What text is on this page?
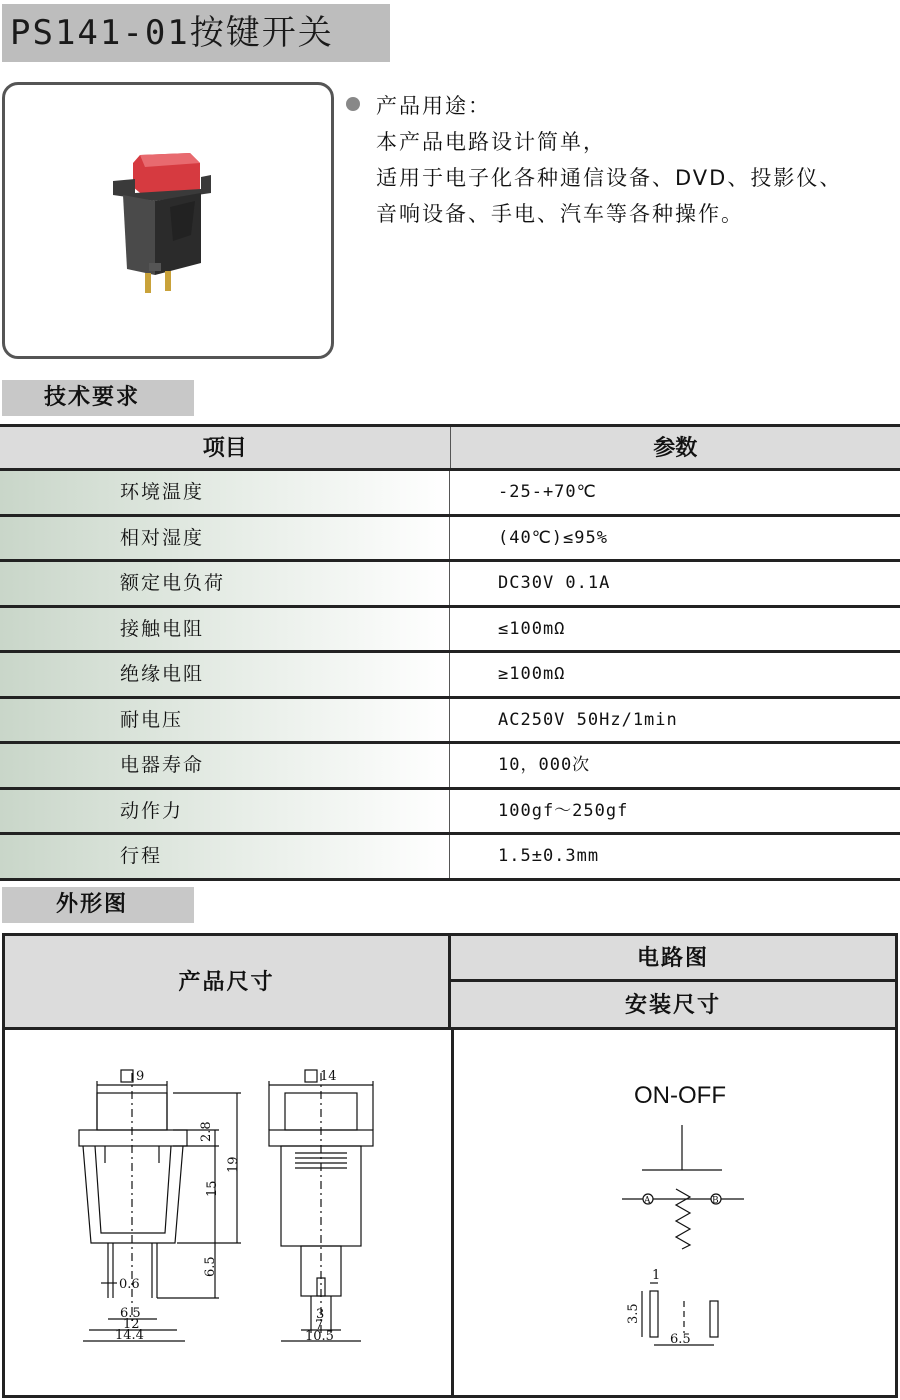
PS141-01按键开关
产品用途：
本产品电路设计简单，
适用于电子化各种通信设备、DVD、投影仪、
音响设备、手电、汽车等各种操作。
技术要求
项目	参数
环境温度	-25-+70℃
相对湿度	(40℃)≤95%
额定电负荷	DC30V 0.1A
接触电阻	≤100mΩ
绝缘电阻	≥100mΩ
耐电压	AC250V 50Hz/1min
电器寿命	10，000次
动作力	100gf～250gf
行程	1.5±0.3mm
外形图
产品尺寸
电路图
安装尺寸
9
0.6
6.5
12
14.4
2.8
15
19
6.5
14
3
7
10.5
ON-OFF
A	B
1
3.5
6.5
